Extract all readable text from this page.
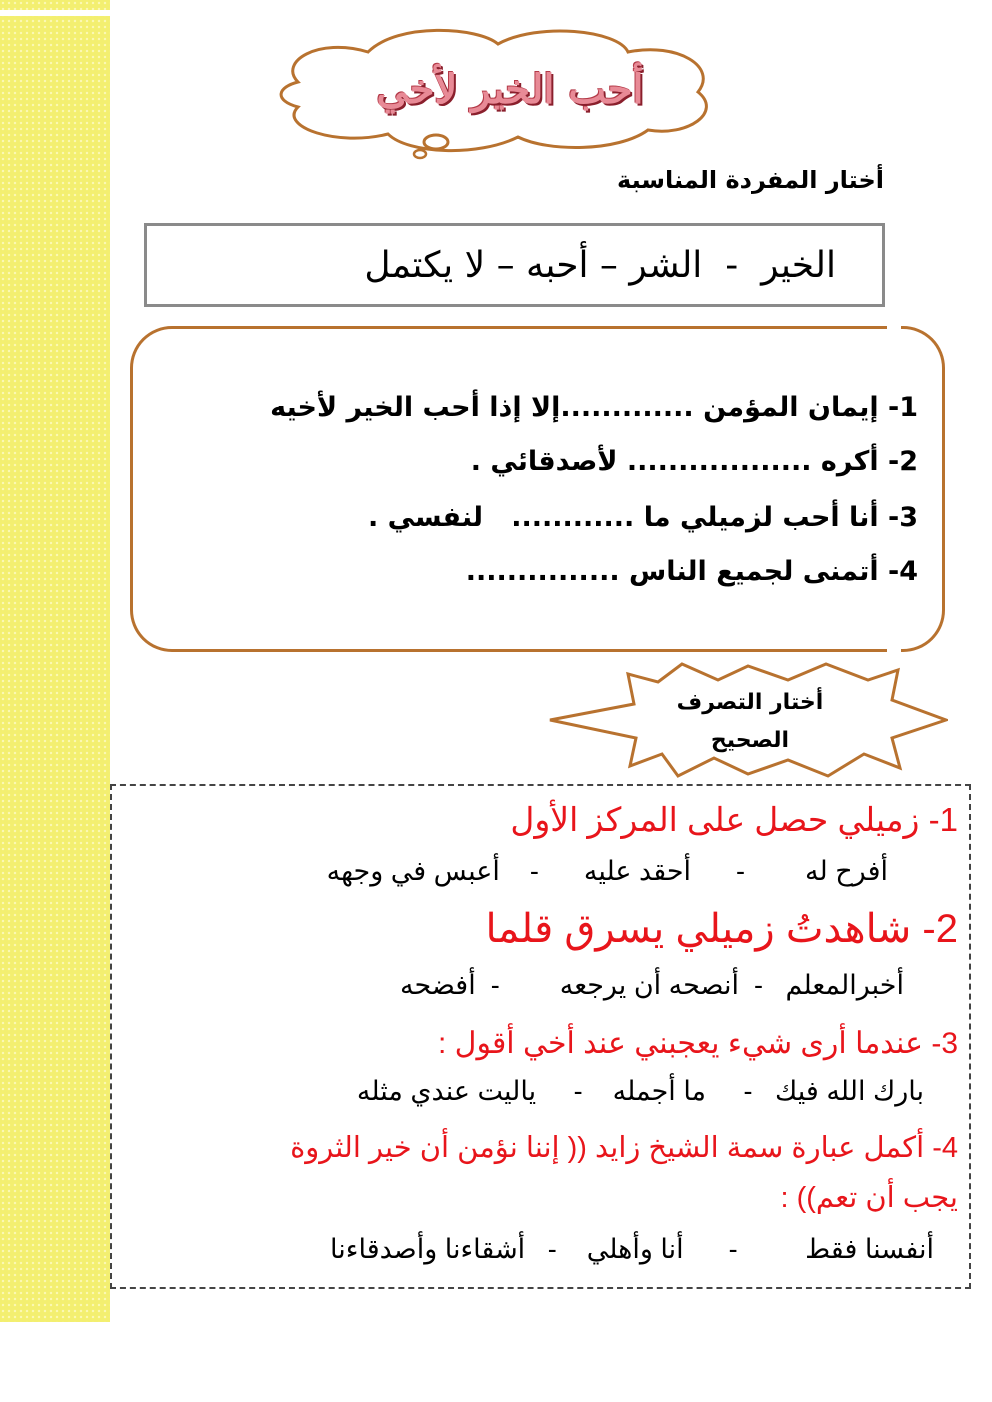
أحب الخير لأخي
أختار المفردة المناسبة
الخير  -  الشر – أحبه – لا يكتمل
1- إيمان المؤمن .............إلا إذا أحب الخير لأخيه
2- أكره .................. لأصدقائي .
3- أنا أحب لزميلي ما ............   لنفسي .
4- أتمنى لجميع الناس ...............
أختار التصرف
الصحيح
1- زميلي حصل على المركز الأول
أفرح له        -      أحقد عليه      -    أعبس في وجهه
2- شاهدتُ زميلي يسرق قلما
أخبرالمعلم   -  أنصحه أن يرجعه        -  أفضحه
3- عندما أرى شيء يعجبني عند أخي أقول :
بارك الله فيك   -     ما أجمله    -     ياليت عندي مثله
4- أكمل عبارة سمة الشيخ زايد (( إننا نؤمن أن خير الثروة
يجب أن تعم)) :
أنفسنا فقط         -      أنا وأهلي    -   أشقاءنا وأصدقاءنا
